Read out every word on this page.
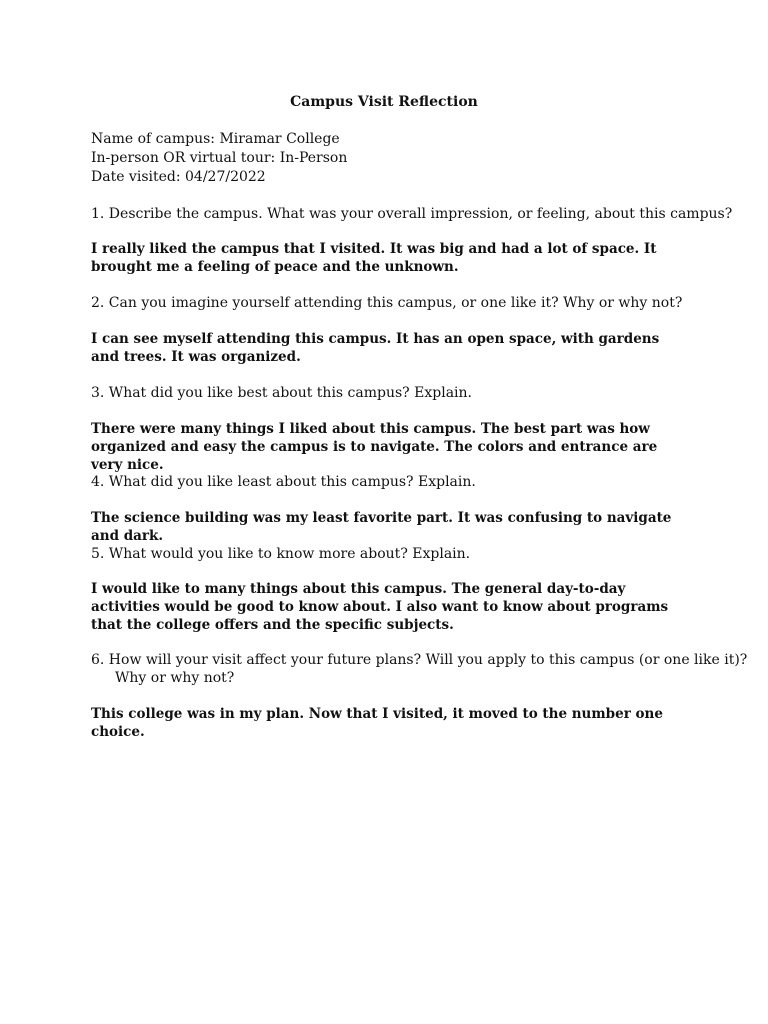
Campus Visit Reflection
Name of campus: Miramar College
In-person OR virtual tour: In-Person
Date visited: 04/27/2022
1. Describe the campus. What was your overall impression, or feeling, about this campus?
I really liked the campus that I visited. It was big and had a lot of space. It brought me a feeling of peace and the unknown.
2. Can you imagine yourself attending this campus, or one like it? Why or why not?
I can see myself attending this campus. It has an open space, with gardens and trees. It was organized.
3. What did you like best about this campus? Explain.
There were many things I liked about this campus. The best part was how organized and easy the campus is to navigate. The colors and entrance are very nice.
4. What did you like least about this campus? Explain.
The science building was my least favorite part. It was confusing to navigate and dark.
5. What would you like to know more about? Explain.
I would like to many things about this campus. The general day-to-day activities would be good to know about. I also want to know about programs that the college offers and the specific subjects.
6. How will your visit affect your future plans? Will you apply to this campus (or one like it)?
Why or why not?
This college was in my plan. Now that I visited, it moved to the number one choice.
